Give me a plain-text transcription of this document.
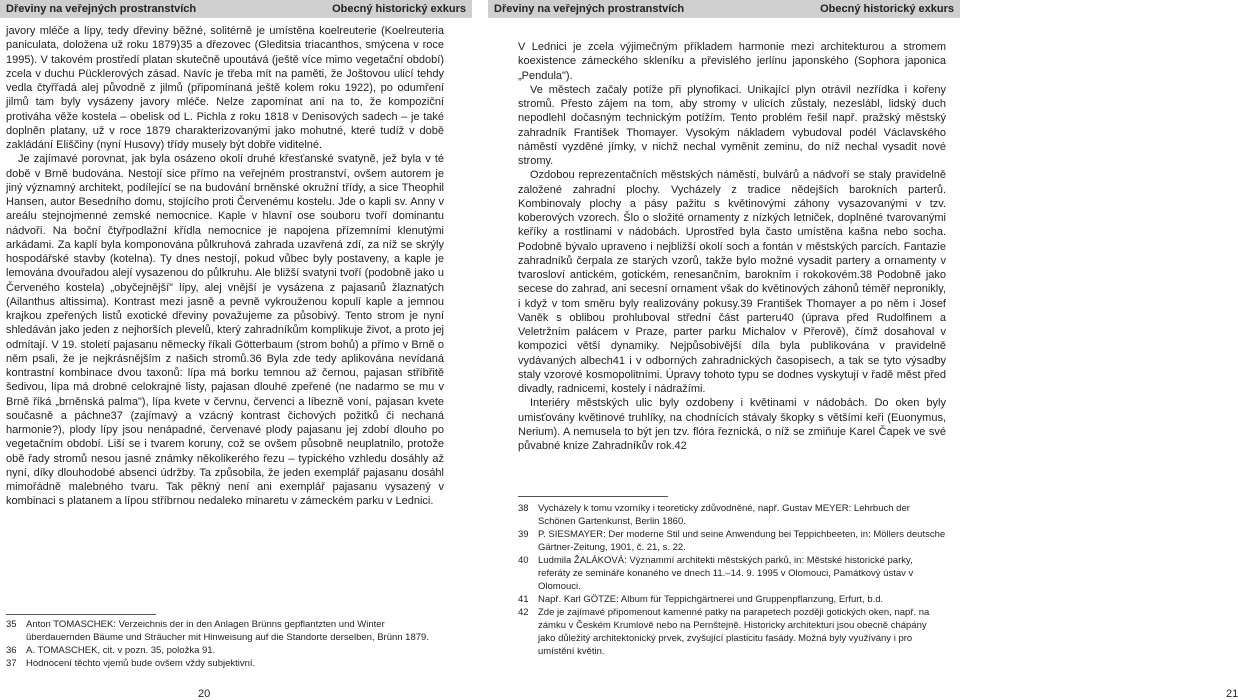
Dřeviny na veřejných prostranstvích	Obecný historický exkurs

javory mléče a lípy, tedy dřeviny běžné, solitérně je umístěna koelreuterie (Koelreuteria paniculata, doložena už roku 1879)35 a dřezovec (Gleditsia triacanthos, smýcena v roce 1995). V takovém prostředí platan skutečně upoutává (ještě více mimo vegetační období) zcela v duchu Pücklerových zásad. Navíc je třeba mít na paměti, že Joštovou ulicí tehdy vedla čtyřřadá alej původně z jilmů (připomínaná ještě kolem roku 1922), po odumření jilmů tam byly vysázeny javory mléče. Nelze zapomínat ani na to, že kompoziční protiváha věže kostela – obelisk od L. Pichla z roku 1818 v Denisových sadech – je také doplněn platany, už v roce 1879 charakterizovanými jako mohutné, které tudíž v době zakládání Eliščiny (nyní Husovy) třídy musely být dobře viditelné.

Je zajímavé porovnat, jak byla osázeno okolí druhé křesťanské svatyně, jež byla v té době v Brně budována. Nestojí sice přímo na veřejném prostranství, ovšem autorem je jiný významný architekt, podílející se na budování brněnské okružní třídy, a sice Theophil Hansen, autor Besedního domu, stojícího proti Červenému kostelu. Jde o kapli sv. Anny v areálu stejnojmenné zemské nemocnice. Kaple v hlavní ose souboru tvoří dominantu nádvoří. Na boční čtyřpodlažní křídla nemocnice je napojena přízemními klenutými arkádami. Za kaplí byla komponována půlkruhová zahrada uzavřená zdí, za níž se skrýly hospodářské stavby (kotelna). Ty dnes nestojí, pokud vůbec byly postaveny, a kaple je lemována dvouřadou alejí vysazenou do půlkruhu. Ale bližší svatyni tvoří (podobně jako u Červeného kostela) „obyčejnější" lípy, alej vnější je vysázena z pajasanů žlaznatých (Ailanthus altissima). Kontrast mezi jasně a pevně vykrouženou kopulí kaple a jemnou krajkou zpeřených listů exotické dřeviny považujeme za působivý. Tento strom je nyní shledáván jako jeden z nejhorších plevelů, který zahradníkům komplikuje život, a proto jej odmítají. V 19. století pajasanu německy říkali Götterbaum (strom bohů) a přímo v Brně o něm psali, že je nejkrásnějším z našich stromů.36 Byla zde tedy aplikována nevídaná kontrastní kombinace dvou taxonů: lípa má borku temnou až černou, pajasan stříbřitě šedivou, lípa má drobné celokrajné listy, pajasan dlouhé zpeřené (ne nadarmo se mu v Brně říká „brněnská palma"), lípa kvete v červnu, červenci a líbezně voní, pajasan kvete současně a páchne37 (zajímavý a vzácný kontrast čichových požitků či nechaná harmonie?), plody lípy jsou nenápadné, červenavé plody pajasanu jej zdobí dlouho po vegetačním období. Liší se i tvarem koruny, což se ovšem působně neuplatnilo, protože obě řady stromů nesou jasné známky několikerého řezu – typického vzhledu dosáhly až nyní, díky dlouhodobé absenci údržby. Ta způsobila, že jeden exemplář pajasanu dosáhl mimořádně malebného tvaru. Tak pěkný není ani exemplář pajasanu vysazený v kombinaci s platanem a lípou stříbrnou nedaleko minaretu v zámeckém parku v Lednici.

35 Anton TOMASCHEK: Verzeichnis der in den Anlagen Brünns gepflantzten und Winter überdauernden Bäume und Sträucher mit Hinweisung auf die Standorte derselben, Brünn 1879.
36 A. TOMASCHEK, cit. v pozn. 35, položka 91.
37 Hodnocení těchto vjemů bude ovšem vždy subjektivní.
20
Dřeviny na veřejných prostranstvích	Obecný historický exkurs

V Lednici je zcela výjimečným příkladem harmonie mezi architekturou a stromem koexistence zámeckého skleníku a převislého jerlínu japonského (Sophora japonica „Pendula").

Ve městech začaly potíže při plynofikaci. Unikající plyn otrávil nezřídka i kořeny stromů. Přesto zájem na tom, aby stromy v ulicích zůstaly, nezeslábl, lidský duch nepodlehl dočasným technickým potížím. Tento problém řešil např. pražský městský zahradník František Thomayer. Vysokým nákladem vybudoval podél Václavského náměstí vyzděné jímky, v nichž nechal vyměnit zeminu, do níž nechal vysadit nové stromy.

Ozdobou reprezentačních městských náměstí, bulvárů a nádvoří se staly pravidelně založené zahradní plochy. Vycházely z tradice nědejších barokních parterů. Kombinovaly plochy a pásy pažitu s květinovými záhony vysazovanými v tzv. koberových vzorech. Šlo o složité ornamenty z nízkých letniček, doplněné tvarovanými keříky a rostlinami v nádobách. Uprostřed byla často umístěna kašna nebo socha. Podobně bývalo upraveno i nejbližší okolí soch a fontán v městských parcích. Fantazie zahradníků čerpala ze starých vzorů, takže bylo možné vysadit partery a ornamenty v tvarosloví antickém, gotickém, renesančním, barokním i rokokovém.38 Podobně jako secese do zahrad, ani secesní ornament však do květinových záhonů téměř nepronikly, i když v tom směru byly realizovány pokusy.39 František Thomayer a po něm i Josef Vaněk s oblibou prohluboval střední část parteru40 (úprava před Rudolfinem a Veletržním palácem v Praze, parter parku Michalov v Přerově), čímž dosahoval v kompozici větší dynamiky. Nejpůsobivější díla byla publikována v pravidelně vydávaných albech41 i v odborných zahradnických časopisech, a tak se tyto výsadby staly vzorové kosmopolitními. Úpravy tohoto typu se dodnes vyskytují v řadě měst před divadly, radnicemi, kostely i nádražími.

Interiéry městských ulic byly ozdobeny i květinami v nádobách. Do oken byly umisťovány květinové truhlíky, na chodnících stávaly škopky s většími keři (Euonymus, Nerium). A nemusela to být jen tzv. flóra řeznická, o níž se zmiňuje Karel Čapek ve své půvabné knize Zahradníkův rok.42

38 Vycházely k tomu vzorníky i teoreticky zdůvodněné, např. Gustav MEYER: Lehrbuch der Schönen Gartenkunst, Berlin 1860.
39 P. SIESMAYER: Der moderne Stil und seine Anwendung bei Teppichbeeten, in: Möllers deutsche Gärtner-Zeitung, 1901, č. 21, s. 22.
40 Ludmila ŽALÁKOVÁ: Význammí architekti městských parků, in: Městské historické parky, referáty ze semináře konaného ve dnech 11.–14. 9. 1995 v Olomouci, Památkový ústav v Olomouci.
41 Např. Karl GÖTZE: Album für Teppichgärtnerei und Gruppenpflanzung, Erfurt, b.d.
42 Zde je zajímavé připomenout kamenné patky na parapetech později gotických oken, např. na zámku v Českém Krumlově nebo na Pernštejně. Historicky architekturi jsou obecně chápány jako důležitý architektonický prvek, zvyšující plasticitu fasády. Možná byly využívány i pro umístění květin.
21
